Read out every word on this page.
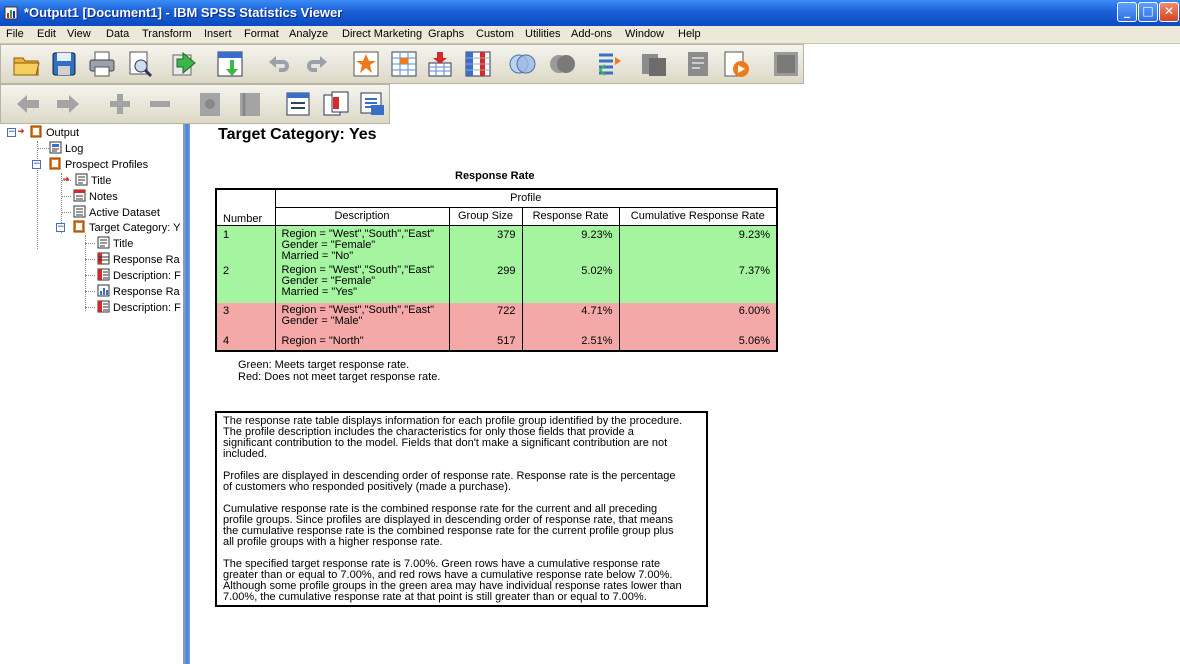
*Output1 [Document1] - IBM SPSS Statistics Viewer	_	□ ✕
File Edit View Data Transform Insert Format Analyze Direct Marketing Graphs Custom Utilities Add-ons Window Help
−	Output
Log
−	Prospect Profiles
Title
Notes
Active Dataset
−	Target Category: Y
Title
Response Ra
Description: F
Response Ra
Description: F
Target Category: Yes
Response Rate
Number	Profile			
	Description	Group Size	Response Rate	Cumulative Response Rate
1	Region = "West","South","East"
Gender = "Female"
Married = "No"	379	9.23%	9.23%
2	Region = "West","South","East"
Gender = "Female"
Married = "Yes"	299	5.02%	7.37%
3	Region = "West","South","East"
Gender = "Male"	722	4.71%	6.00%
4	Region = "North"	517	2.51%	5.06%
Green: Meets target response rate.
Red: Does not meet target response rate.

The response rate table displays information for each profile group identified by the procedure.
The profile description includes the characteristics for only those fields that provide a
significant contribution to the model. Fields that don't make a significant contribution are not
included.

Profiles are displayed in descending order of response rate. Response rate is the percentage
of customers who responded positively (made a purchase).

Cumulative response rate is the combined response rate for the current and all preceding
profile groups. Since profiles are displayed in descending order of response rate, that means
the cumulative response rate is the combined response rate for the current profile group plus
all profile groups with a higher response rate.

The specified target response rate is 7.00%. Green rows have a cumulative response rate
greater than or equal to 7.00%, and red rows have a cumulative response rate below 7.00%.
Although some profile groups in the green area may have individual response rates lower than
7.00%, the cumulative response rate at that point is still greater than or equal to 7.00%.
